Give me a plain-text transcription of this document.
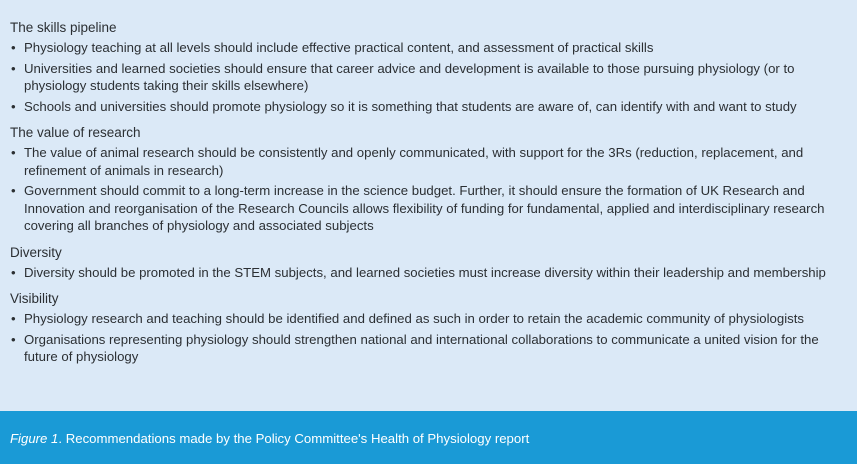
The skills pipeline
• Physiology teaching at all levels should include effective practical content, and assessment of practical skills
• Universities and learned societies should ensure that career advice and development is available to those pursuing physiology (or to physiology students taking their skills elsewhere)
• Schools and universities should promote physiology so it is something that students are aware of, can identify with and want to study
The value of research
• The value of animal research should be consistently and openly communicated, with support for the 3Rs (reduction, replacement, and refinement of animals in research)
• Government should commit to a long-term increase in the science budget. Further, it should ensure the formation of UK Research and Innovation and reorganisation of the Research Councils allows flexibility of funding for fundamental, applied and interdisciplinary research covering all branches of physiology and associated subjects
Diversity
• Diversity should be promoted in the STEM subjects, and learned societies must increase diversity within their leadership and membership
Visibility
• Physiology research and teaching should be identified and defined as such in order to retain the academic community of physiologists
• Organisations representing physiology should strengthen national and international collaborations to communicate a united vision for the future of physiology
Figure 1. Recommendations made by the Policy Committee's Health of Physiology report
